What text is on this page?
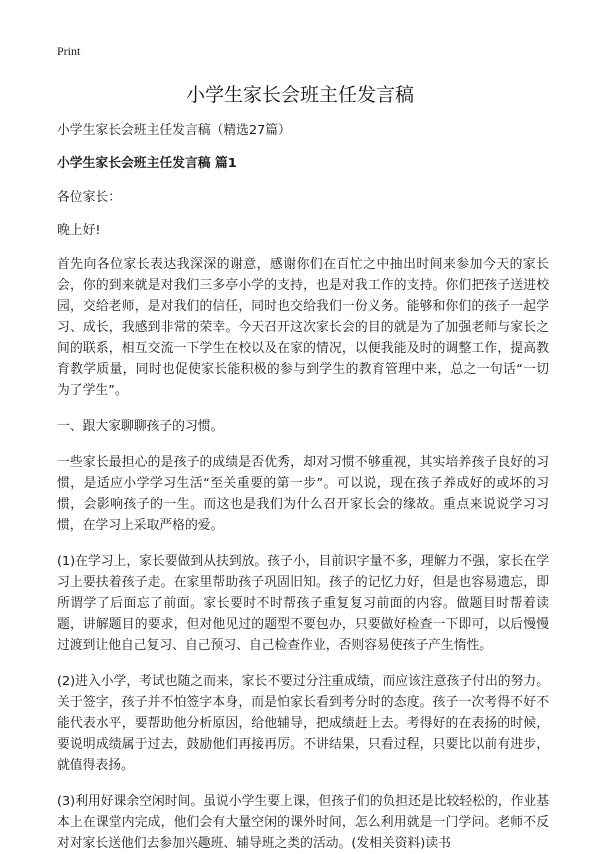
Print
小学生家长会班主任发言稿
小学生家长会班主任发言稿（精选27篇）
小学生家长会班主任发言稿 篇1
各位家长：
晚上好!
首先向各位家长表达我深深的谢意，感谢你们在百忙之中抽出时间来参加今天的家长会，你的到来就是对我们三多亭小学的支持，也是对我工作的支持。你们把孩子送进校园，交给老师，是对我们的信任，同时也交给我们一份义务。能够和你们的孩子一起学习、成长，我感到非常的荣幸。今天召开这次家长会的目的就是为了加强老师与家长之间的联系，相互交流一下学生在校以及在家的情况，以便我能及时的调整工作，提高教育教学质量，同时也促使家长能积极的参与到学生的教育管理中来，总之一句话“一切为了学生”。
一、跟大家聊聊孩子的习惯。
一些家长最担心的是孩子的成绩是否优秀，却对习惯不够重视，其实培养孩子良好的习惯，是适应小学学习生活“至关重要的第一步”。可以说，现在孩子养成好的或坏的习惯，会影响孩子的一生。而这也是我们为什么召开家长会的缘故。重点来说说学习习惯，在学习上采取严格的爱。
(1)在学习上，家长要做到从扶到放。孩子小，目前识字量不多，理解力不强，家长在学习上要扶着孩子走。在家里帮助孩子巩固旧知。孩子的记忆力好，但是也容易遗忘，即所谓学了后面忘了前面。家长要时不时帮孩子重复复习前面的内容。做题目时帮着读题，讲解题目的要求，但对他见过的题型不要包办，只要做好检查一下即可，以后慢慢过渡到让他自己复习、自己预习、自己检查作业，否则容易使孩子产生惰性。
(2)进入小学，考试也随之而来，家长不要过分注重成绩，而应该注意孩子付出的努力。关于签字，孩子并不怕签字本身，而是怕家长看到考分时的态度。孩子一次考得不好不能代表水平，要帮助他分析原因，给他辅导，把成绩赶上去。考得好的在表扬的时候，要说明成绩属于过去，鼓励他们再接再厉。不讲结果，只看过程，只要比以前有进步，就值得表扬。
(3)利用好课余空闲时间。虽说小学生要上课，但孩子们的负担还是比较轻松的，作业基本上在课堂内完成，他们会有大量空闲的课外时间，怎么利用就是一门学问。老师不反对对家长送他们去参加兴趣班、辅导班之类的活动。(发相关资料)读书
